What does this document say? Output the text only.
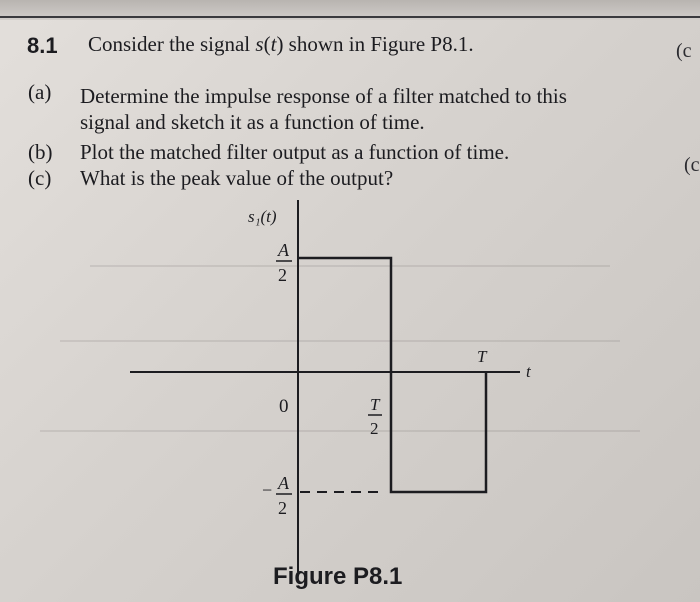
8.1 Consider the signal s(t) shown in Figure P8.1.
(a) Determine the impulse response of a filter matched to this
signal and sketch it as a function of time.
(b) Plot the matched filter output as a function of time.
(c) What is the peak value of the output?
(c
(c
s₁(t)
A
2
0	T
2
T
t
− A
2
Figure P8.1
